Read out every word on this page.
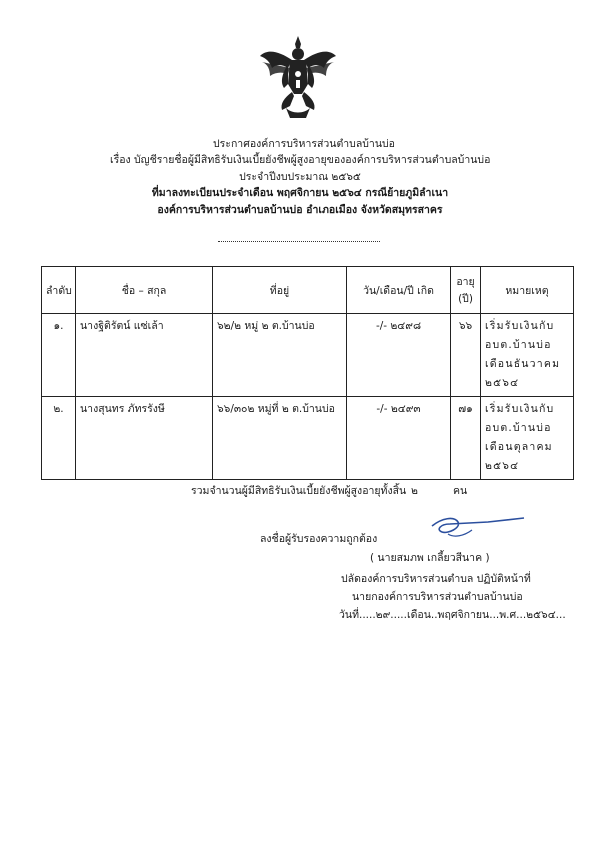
ประกาศองค์การบริหารส่วนตำบลบ้านบ่อ
เรื่อง บัญชีรายชื่อผู้มีสิทธิรับเงินเบี้ยยังชีพผู้สูงอายุขององค์การบริหารส่วนตำบลบ้านบ่อ
ประจำปีงบประมาณ ๒๕๖๕
ที่มาลงทะเบียนประจำเดือน พฤศจิกายน ๒๕๖๔ กรณีย้ายภูมิลำเนา
องค์การบริหารส่วนตำบลบ้านบ่อ อำเภอเมือง จังหวัดสมุทรสาคร
ลำดับ	ชื่อ – สกุล	ที่อยู่	วัน/เดือน/ปี เกิด	อายุ (ปี)	หมายเหตุ
๑.	นางฐิติรัตน์ แซ่เล้า	๖๒/๒ หมู่ ๒ ต.บ้านบ่อ	-/- ๒๔๙๘	๖๖	เริ่มรับเงินกับ อบต.บ้านบ่อ เดือนธันวาคม ๒๕๖๔
๒.	นางสุนทร ภัทรรังษี	๖๖/๓๐๒ หมู่ที่ ๒ ต.บ้านบ่อ	-/- ๒๔๙๓	๗๑	เริ่มรับเงินกับ อบต.บ้านบ่อ เดือนตุลาคม ๒๕๖๔
รวมจำนวนผู้มีสิทธิรับเงินเบี้ยยังชีพผู้สูงอายุทั้งสิ้น ๒	คน
ลงชื่อผู้รับรองความถูกต้อง
( นายสมภพ เกลี้ยวสีนาค )
ปลัดองค์การบริหารส่วนตำบล ปฏิบัติหน้าที่
นายกองค์การบริหารส่วนตำบลบ้านบ่อ
วันที่.....๒๙.....เดือน..พฤศจิกายน...พ.ศ...๒๕๖๔...
